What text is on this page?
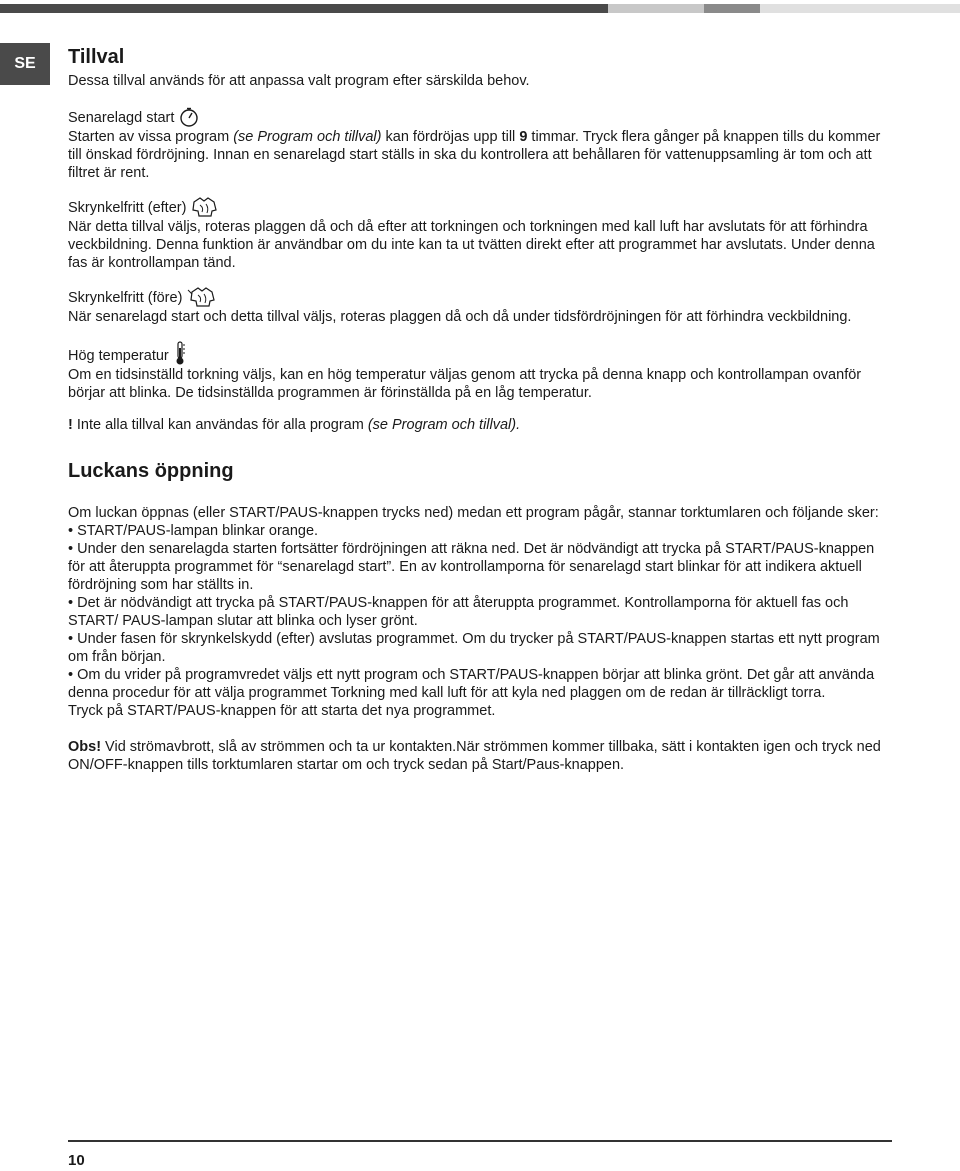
SE	Tillval

Dessa tillval används för att anpassa valt program efter särskilda behov.

Senarelagd start

Starten av vissa program (se Program och tillval) kan fördröjas upp till 9 timmar. Tryck flera gånger på knappen tills du kommer till önskad fördröjning. Innan en senarelagd start ställs in ska du kontrollera att behållaren för vattenuppsamling är tom och att filtret är rent.

Skrynkelfritt (efter)

När detta tillval väljs, roteras plaggen då och då efter att torkningen och torkningen med kall luft har avslutats för att förhindra veckbildning. Denna funktion är användbar om du inte kan ta ut tvätten direkt efter att programmet har avslutats. Under denna fas är kontrollampan tänd.

Skrynkelfritt (före)

När senarelagd start och detta tillval väljs, roteras plaggen då och då under tidsfördröjningen för att förhindra veckbildning.

Hög temperatur

Om en tidsinställd torkning väljs, kan en hög temperatur väljas genom att trycka på denna knapp och kontrollampan ovanför börjar att blinka. De tidsinställda programmen är förinställda på en låg temperatur.

! Inte alla tillval kan användas för alla program (se Program och tillval).

Luckans öppning

Om luckan öppnas (eller START/PAUS-knappen trycks ned) medan ett program pågår, stannar torktumlaren och följande sker:

• START/PAUS-lampan blinkar orange.

• Under den senarelagda starten fortsätter fördröjningen att räkna ned. Det är nödvändigt att trycka på START/PAUS-knappen för att återuppta programmet för “senarelagd start”. En av kontrollamporna för senarelagd start blinkar för att indikera aktuell fördröjning som har ställts in.

• Det är nödvändigt att trycka på START/PAUS-knappen för att återuppta programmet. Kontrollamporna för aktuell fas och START/ PAUS-lampan slutar att blinka och lyser grönt.

• Under fasen för skrynkelskydd (efter) avslutas programmet. Om du trycker på START/PAUS-knappen startas ett nytt program om från början.

• Om du vrider på programvredet väljs ett nytt program och START/PAUS-knappen börjar att blinka grönt. Det går att använda denna procedur för att välja programmet Torkning med kall luft för att kyla ned plaggen om de redan är tillräckligt torra.

Tryck på START/PAUS-knappen för att starta det nya programmet.

Obs! Vid strömavbrott, slå av strömmen och ta ur kontakten.När strömmen kommer tillbaka, sätt i kontakten igen och tryck ned ON/OFF-knappen tills torktumlaren startar om och tryck sedan på Start/Paus-knappen.

10
